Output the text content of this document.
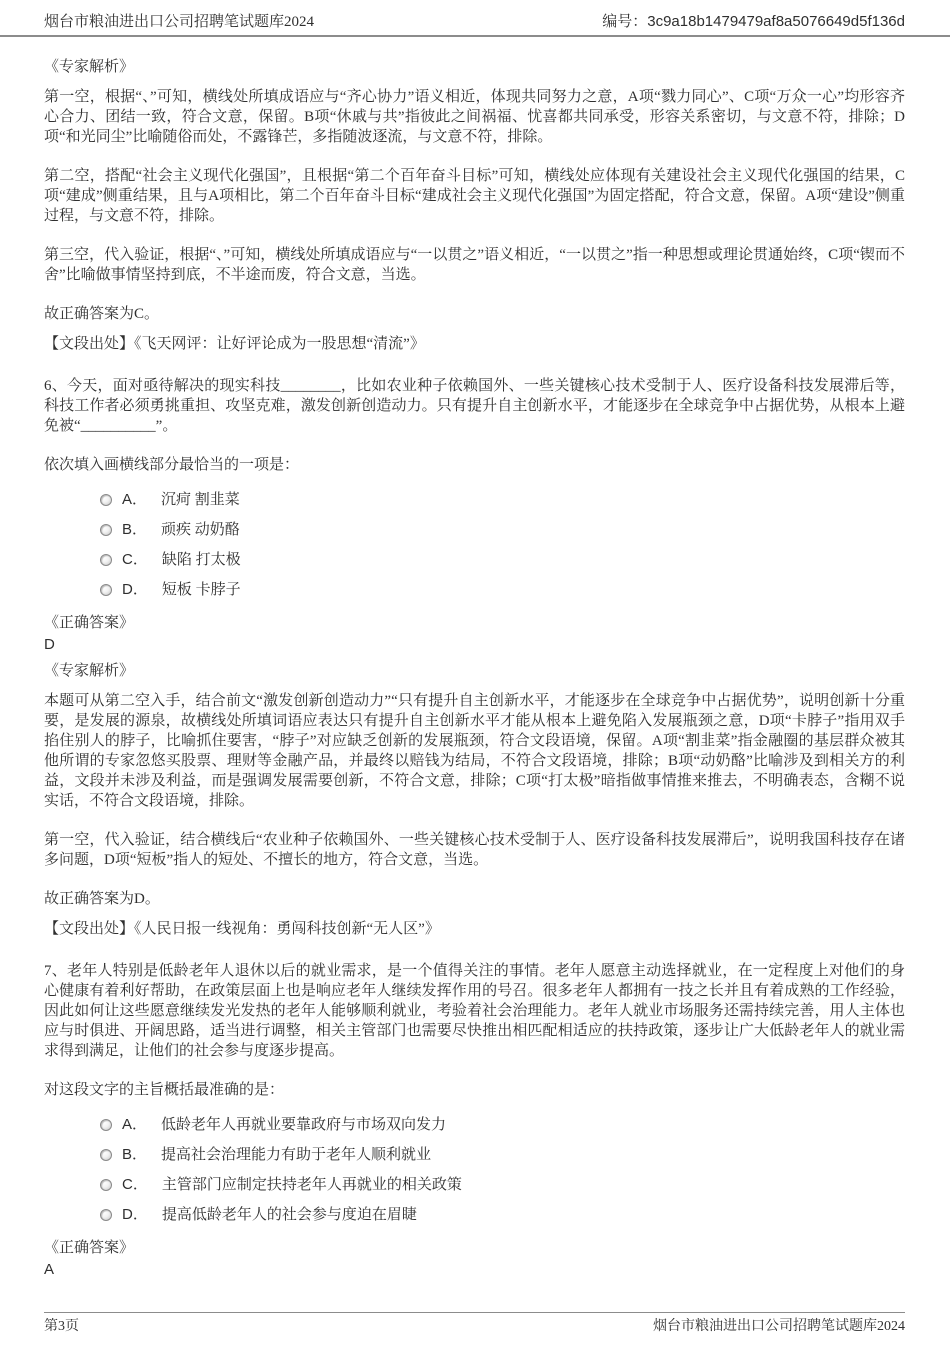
烟台市粮油进出口公司招聘笔试题库2024	编号：3c9a18b1479479af8a5076649d5f136d

《专家解析》

第一空，根据“、”可知，横线处所填成语应与“齐心协力”语义相近，体现共同努力之意，A项“戮力同心”、C项“万众一心”均形容齐心合力、团结一致，符合文意，保留。B项“休戚与共”指彼此之间祸福、忧喜都共同承受，形容关系密切，与文意不符，排除；D项“和光同尘”比喻随俗而处，不露锋芒，多指随波逐流，与文意不符，排除。

第二空，搭配“社会主义现代化强国”，且根据“第二个百年奋斗目标”可知，横线处应体现有关建设社会主义现代化强国的结果，C项“建成”侧重结果，且与A项相比，第二个百年奋斗目标“建成社会主义现代化强国”为固定搭配，符合文意，保留。A项“建设”侧重过程，与文意不符，排除。

第三空，代入验证，根据“、”可知，横线处所填成语应与“一以贯之”语义相近，“一以贯之”指一种思想或理论贯通始终，C项“锲而不舍”比喻做事情坚持到底，不半途而废，符合文意，当选。

故正确答案为C。

【文段出处】《飞天网评：让好评论成为一股思想“清流”》

6、今天，面对亟待解决的现实科技________，比如农业种子依赖国外、一些关键核心技术受制于人、医疗设备科技发展滞后等，科技工作者必须勇挑重担、攻坚克难，激发创新创造动力。只有提升自主创新水平，才能逐步在全球竞争中占据优势，从根本上避免被“__________”。

依次填入画横线部分最恰当的一项是：

A． 沉疴 割韭菜
B． 顽疾 动奶酪
C． 缺陷 打太极
D． 短板 卡脖子

《正确答案》

D

《专家解析》

本题可从第二空入手，结合前文“激发创新创造动力”“只有提升自主创新水平，才能逐步在全球竞争中占据优势”，说明创新十分重要，是发展的源泉，故横线处所填词语应表达只有提升自主创新水平才能从根本上避免陷入发展瓶颈之意，D项“卡脖子”指用双手掐住别人的脖子，比喻抓住要害，“脖子”对应缺乏创新的发展瓶颈，符合文段语境，保留。A项“割韭菜”指金融圈的基层群众被其他所谓的专家忽悠买股票、理财等金融产品，并最终以赔钱为结局，不符合文段语境，排除；B项“动奶酪”比喻涉及到相关方的利益，文段并未涉及利益，而是强调发展需要创新，不符合文意，排除；C项“打太极”暗指做事情推来推去，不明确表态，含糊不说实话，不符合文段语境，排除。

第一空，代入验证，结合横线后“农业种子依赖国外、一些关键核心技术受制于人、医疗设备科技发展滞后”，说明我国科技存在诸多问题，D项“短板”指人的短处、不擅长的地方，符合文意，当选。

故正确答案为D。

【文段出处】《人民日报一线视角：勇闯科技创新“无人区”》

7、老年人特别是低龄老年人退休以后的就业需求，是一个值得关注的事情。老年人愿意主动选择就业，在一定程度上对他们的身心健康有着利好帮助，在政策层面上也是响应老年人继续发挥作用的号召。很多老年人都拥有一技之长并且有着成熟的工作经验，因此如何让这些愿意继续发光发热的老年人能够顺利就业，考验着社会治理能力。老年人就业市场服务还需持续完善，用人主体也应与时俱进、开阔思路，适当进行调整，相关主管部门也需要尽快推出相匹配相适应的扶持政策，逐步让广大低龄老年人的就业需求得到满足，让他们的社会参与度逐步提高。

对这段文字的主旨概括最准确的是：

A． 低龄老年人再就业要靠政府与市场双向发力
B． 提高社会治理能力有助于老年人顺利就业
C． 主管部门应制定扶持老年人再就业的相关政策
D． 提高低龄老年人的社会参与度迫在眉睫

《正确答案》

A

第3页	烟台市粮油进出口公司招聘笔试题库2024
